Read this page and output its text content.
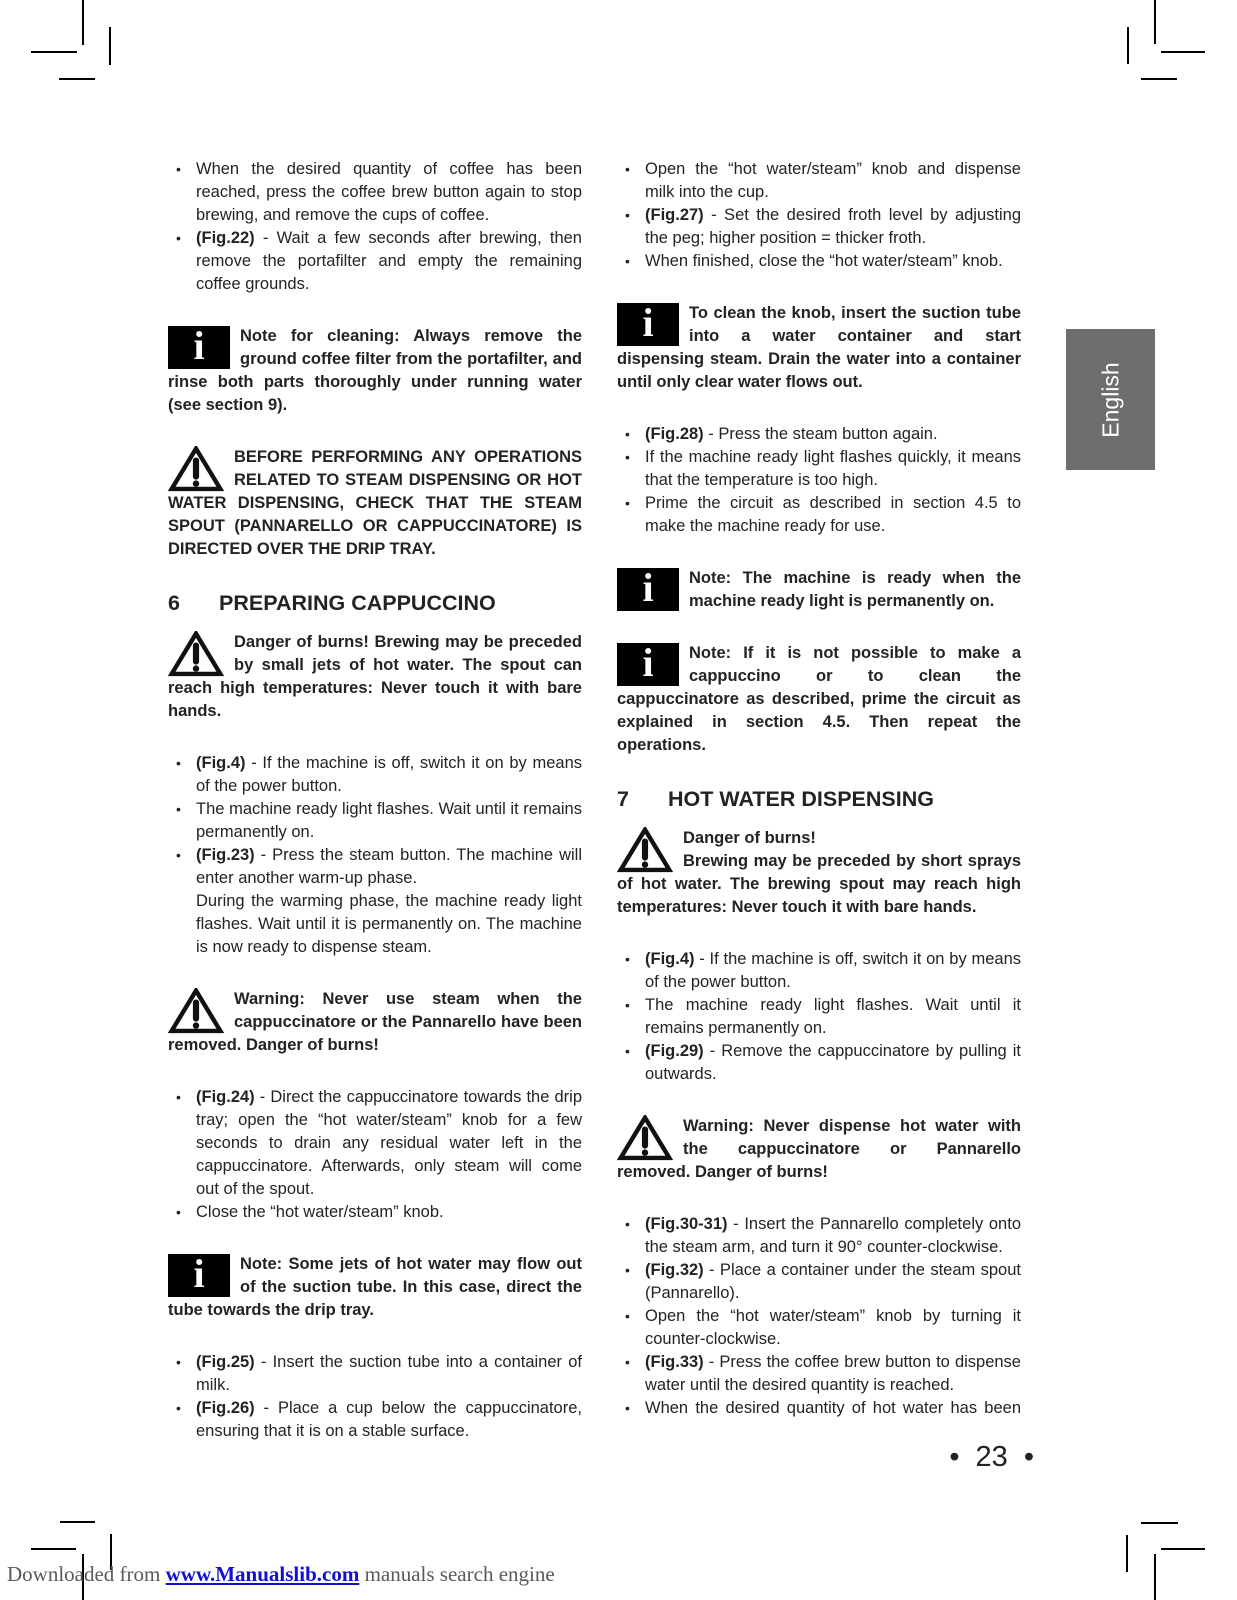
• When the desired quantity of coffee has been reached, press the coffee brew button again to stop brewing, and remove the cups of coffee.
• (Fig.22) - Wait a few seconds after brewing, then remove the portafilter and empty the remaining coffee grounds.
i	Note for cleaning: Always remove the ground coffee filter from the portafilter, and rinse both parts thoroughly under running water (see section 9).
BEFORE PERFORMING ANY OPERATIONS RELATED TO STEAM DISPENSING OR HOT WATER DISPENSING, CHECK THAT THE STEAM SPOUT (PANNARELLO OR CAPPUCCINATORE) IS DIRECTED OVER THE DRIP TRAY.
6	PREPARING CAPPUCCINO
Danger of burns! Brewing may be preceded by small jets of hot water. The spout can reach high temperatures: Never touch it with bare hands.
• (Fig.4) - If the machine is off, switch it on by means of the power button.
• The machine ready light flashes. Wait until it remains permanently on.
• (Fig.23) - Press the steam button. The machine will enter another warm-up phase.
During the warming phase, the machine ready light flashes. Wait until it is permanently on. The machine is now ready to dispense steam.
Warning: Never use steam when the cappuccinatore or the Pannarello have been removed. Danger of burns!
• (Fig.24) - Direct the cappuccinatore towards the drip tray; open the “hot water/steam” knob for a few seconds to drain any residual water left in the cappuccinatore. Afterwards, only steam will come out of the spout.
• Close the “hot water/steam” knob.
i	Note: Some jets of hot water may flow out of the suction tube. In this case, direct the tube towards the drip tray.
• (Fig.25) - Insert the suction tube into a container of milk.
• (Fig.26) - Place a cup below the cappuccinatore, ensuring that it is on a stable surface.
• Open the “hot water/steam” knob and dispense milk into the cup.
• (Fig.27) - Set the desired froth level by adjusting the peg; higher position = thicker froth.
• When finished, close the “hot water/steam” knob.
i	To clean the knob, insert the suction tube into a water container and start dispensing steam. Drain the water into a container until only clear water flows out.
• (Fig.28) - Press the steam button again.
• If the machine ready light flashes quickly, it means that the temperature is too high.
• Prime the circuit as described in section 4.5 to make the machine ready for use.
i	Note: The machine is ready when the machine ready light is permanently on.
i	Note: If it is not possible to make a cappuccino or to clean the cappuccinatore as described, prime the circuit as explained in section 4.5. Then repeat the operations.
7	HOT WATER DISPENSING
Danger of burns!
Brewing may be preceded by short sprays of hot water. The brewing spout may reach high temperatures: Never touch it with bare hands.
• (Fig.4) - If the machine is off, switch it on by means of the power button.
• The machine ready light flashes. Wait until it remains permanently on.
• (Fig.29) - Remove the cappuccinatore by pulling it outwards.
Warning: Never dispense hot water with the cappuccinatore or Pannarello removed. Danger of burns!
• (Fig.30-31) - Insert the Pannarello completely onto the steam arm, and turn it 90° counter-clockwise.
• (Fig.32) - Place a container under the steam spout (Pannarello).
• Open the “hot water/steam” knob by turning it counter-clockwise.
• (Fig.33) - Press the coffee brew button to dispense water until the desired quantity is reached.
• When the desired quantity of hot water has been
English
• 23 •
Downloaded from www.Manualslib.com manuals search engine
